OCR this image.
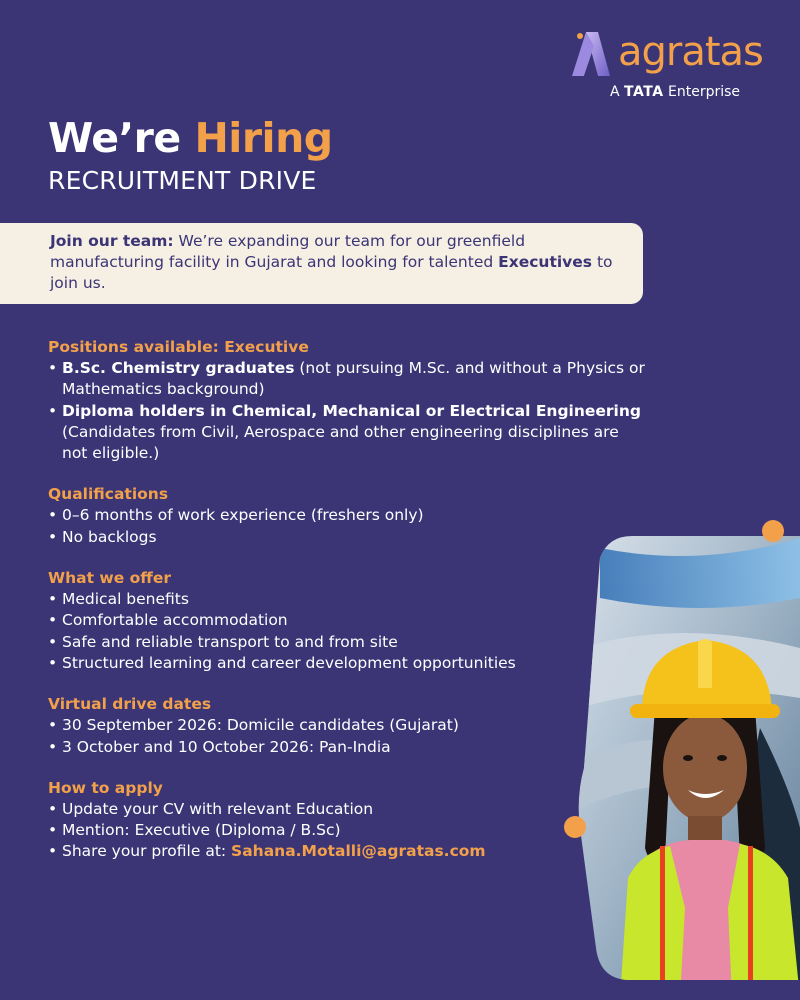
agratas
A TATA Enterprise
We’re Hiring
RECRUITMENT DRIVE
Join our team: We’re expanding our team for our greenfield manufacturing facility in Gujarat and looking for talented Executives to join us.
Positions available: Executive
• B.Sc. Chemistry graduates (not pursuing M.Sc. and without a Physics or Mathematics background)
• Diploma holders in Chemical, Mechanical or Electrical Engineering (Candidates from Civil, Aerospace and other engineering disciplines are not eligible.)
Qualifications
• 0–6 months of work experience (freshers only)
• No backlogs
What we offer
• Medical benefits
• Comfortable accommodation
• Safe and reliable transport to and from site
• Structured learning and career development opportunities
Virtual drive dates
• 30 September 2026: Domicile candidates (Gujarat)
• 3 October and 10 October 2026: Pan-India
How to apply
• Update your CV with relevant Education
• Mention: Executive (Diploma / B.Sc)
• Share your profile at: Sahana.Motalli@agratas.com
